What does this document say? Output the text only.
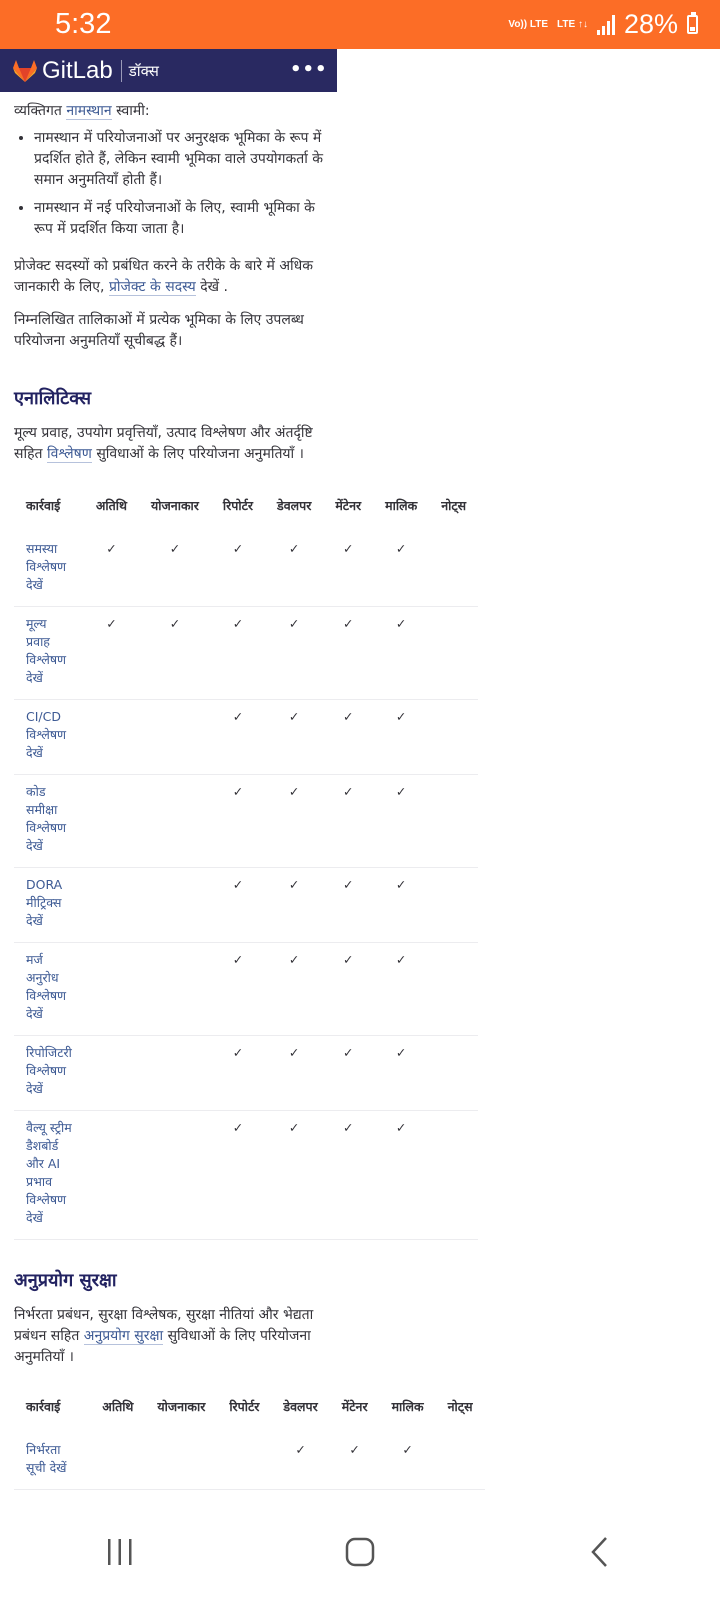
5:32	Vo)) LTE LTE ↑↓ 28%
GitLab डॉक्स	•••

व्यक्तिगत नामस्थान स्वामी:

• नामस्थान में परियोजनाओं पर अनुरक्षक भूमिका के रूप में प्रदर्शित होते हैं, लेकिन स्वामी भूमिका वाले उपयोगकर्ता के समान अनुमतियाँ होती हैं।
• नामस्थान में नई परियोजनाओं के लिए, स्वामी भूमिका के रूप में प्रदर्शित किया जाता है।

प्रोजेक्ट सदस्यों को प्रबंधित करने के तरीके के बारे में अधिक जानकारी के लिए, प्रोजेक्ट के सदस्य देखें .

निम्नलिखित तालिकाओं में प्रत्येक भूमिका के लिए उपलब्ध परियोजना अनुमतियाँ सूचीबद्ध हैं।

एनालिटिक्स

मूल्य प्रवाह, उपयोग प्रवृत्तियाँ, उत्पाद विश्लेषण और अंतर्दृष्टि सहित विश्लेषण सुविधाओं के लिए परियोजना अनुमतियाँ ।

कार्रवाई	अतिथि	योजनाकार	रिपोर्टर	डेवलपर	मेंटेनर	मालिक	नोट्स
समस्या विश्लेषण देखें	✓	✓	✓	✓	✓	✓	
मूल्य प्रवाह विश्लेषण देखें	✓	✓	✓	✓	✓	✓	
CI/CD विश्लेषण देखें			✓	✓	✓	✓	
कोड समीक्षा विश्लेषण देखें			✓	✓	✓	✓	
DORA मीट्रिक्स देखें			✓	✓	✓	✓	
मर्ज अनुरोध विश्लेषण देखें			✓	✓	✓	✓	
रिपोजिटरी विश्लेषण देखें			✓	✓	✓	✓	
वैल्यू स्ट्रीम डैशबोर्ड और AI प्रभाव विश्लेषण देखें			✓	✓	✓	✓	
अनुप्रयोग सुरक्षा

निर्भरता प्रबंधन, सुरक्षा विश्लेषक, सुरक्षा नीतियां और भेद्यता प्रबंधन सहित अनुप्रयोग सुरक्षा सुविधाओं के लिए परियोजना अनुमतियाँ ।

कार्रवाई	अतिथि	योजनाकार	रिपोर्टर	डेवलपर	मेंटेनर	मालिक	नोट्स
निर्भरता सूची देखें				✓	✓	✓	
